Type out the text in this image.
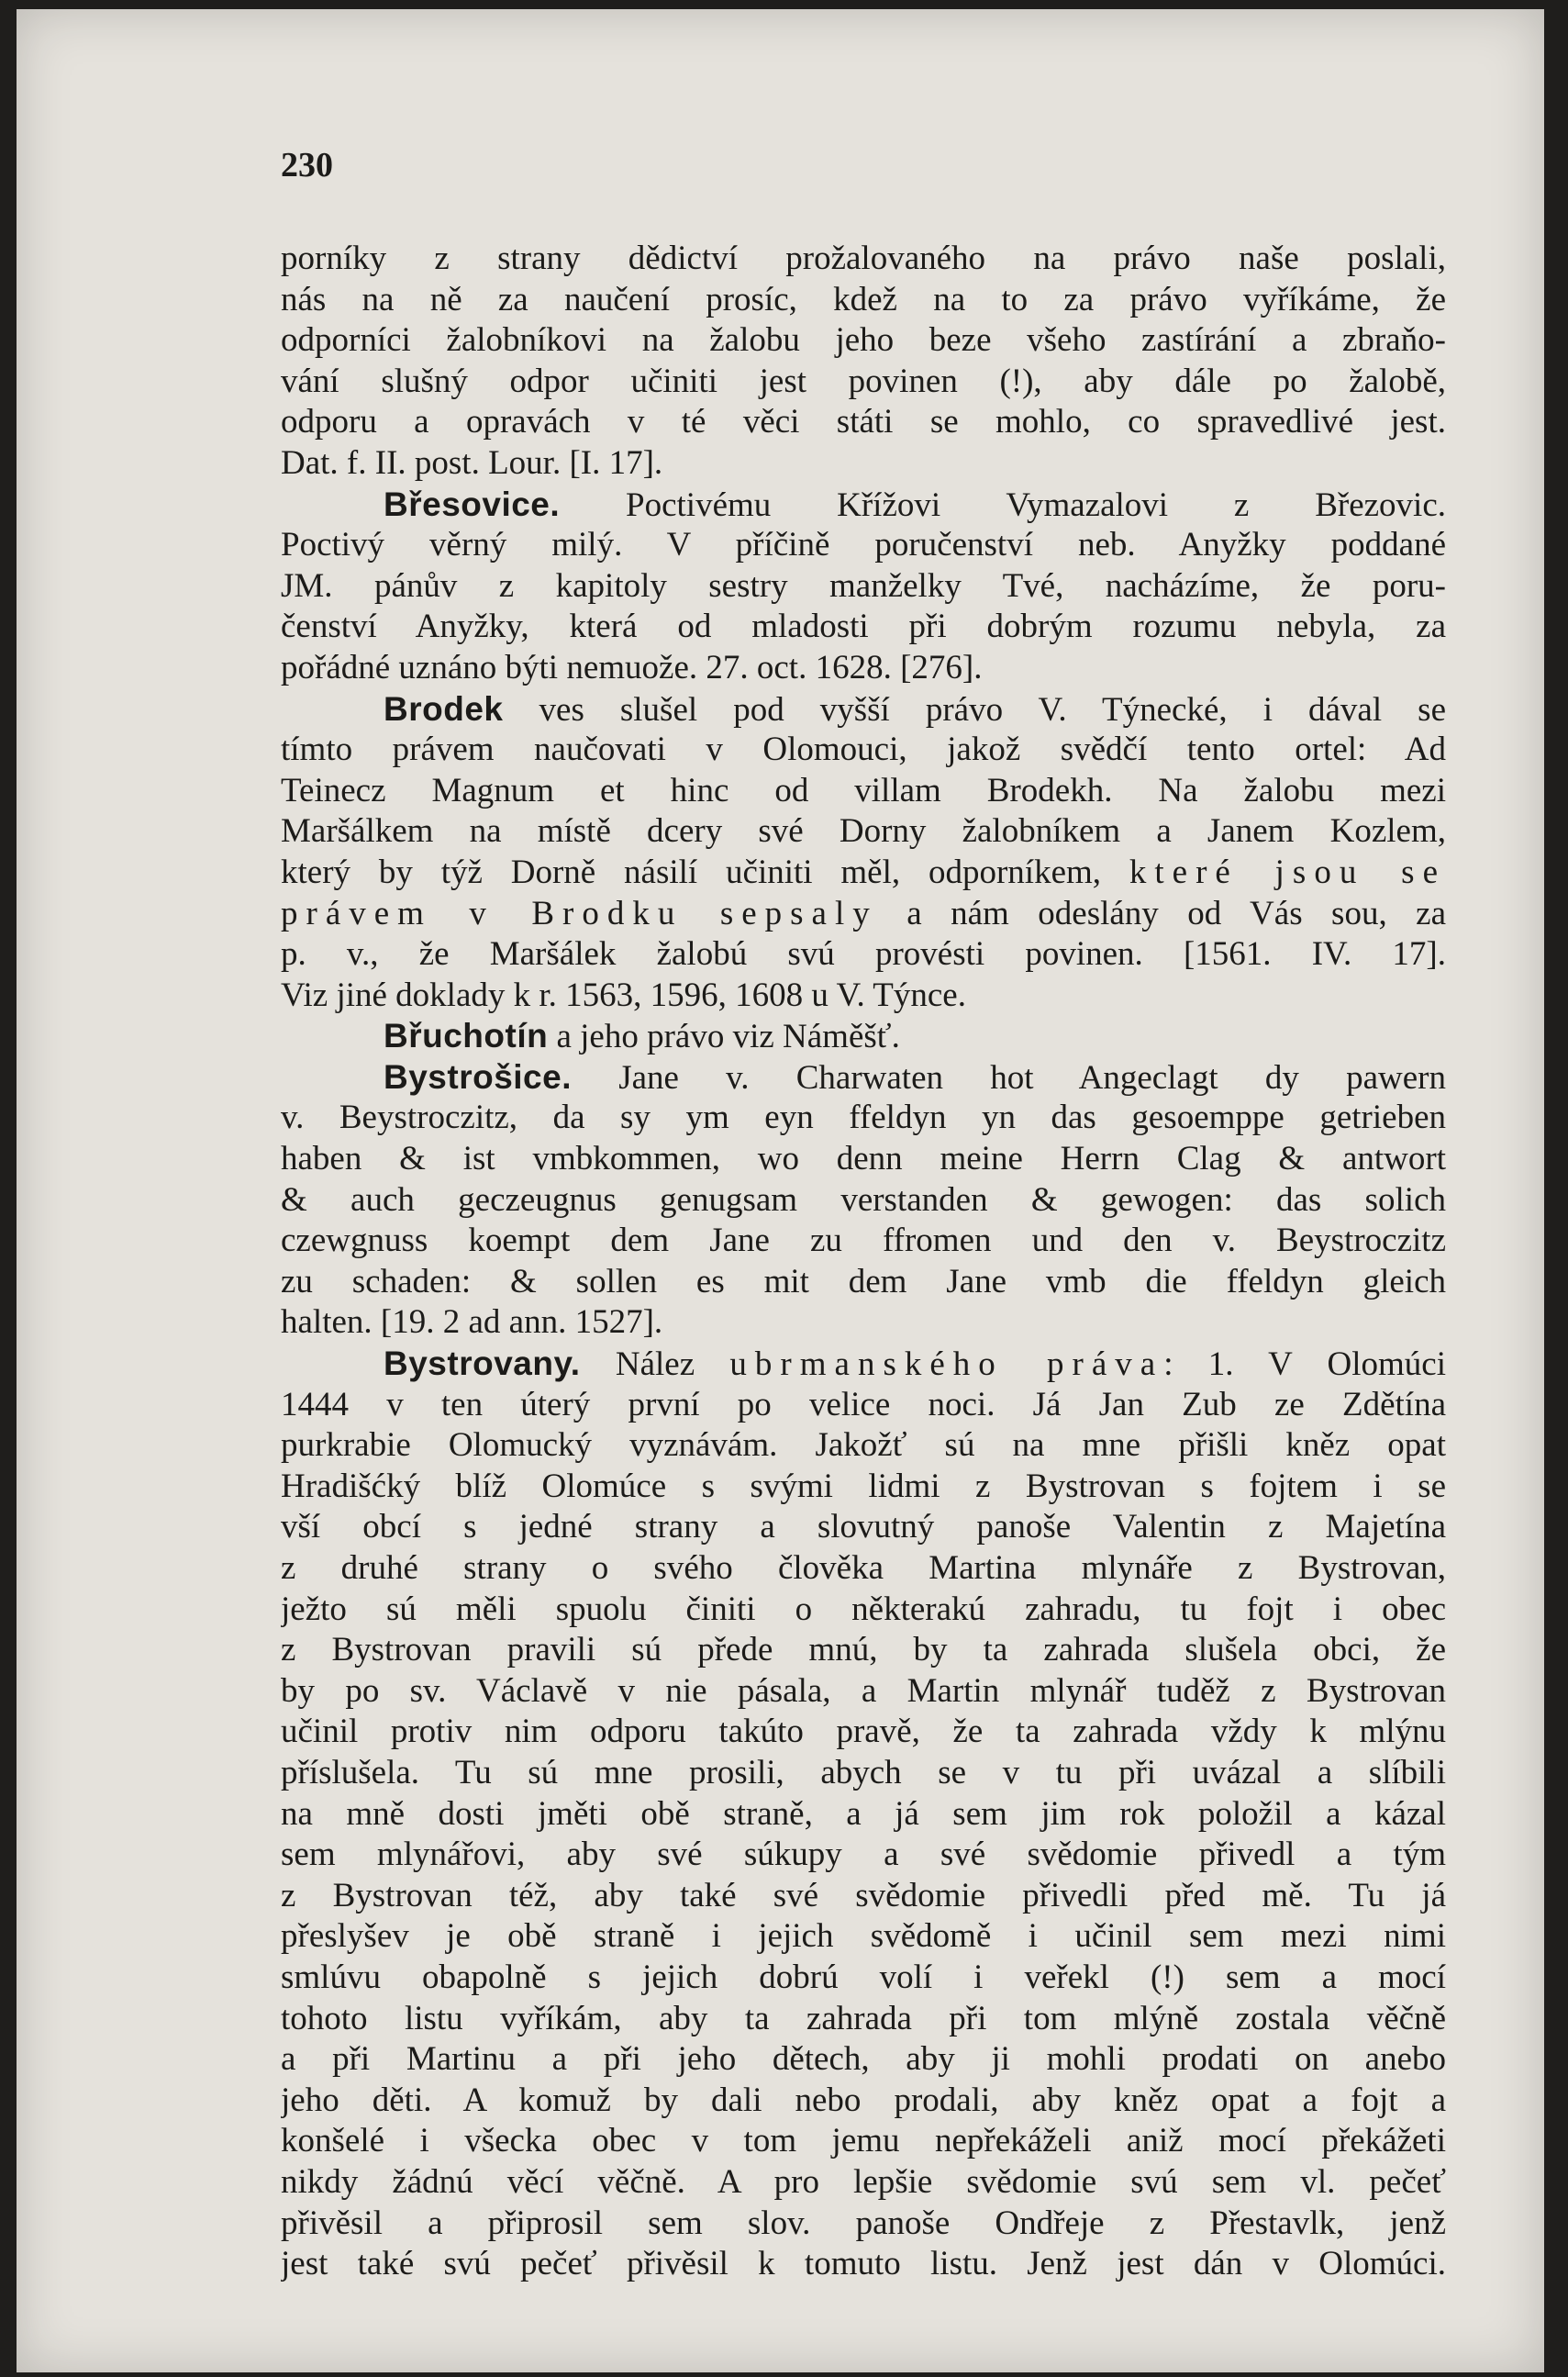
230
porníky z strany dědictví prožalovaného na právo naše poslali,
nás na ně za naučení prosíc, kdež na to za právo vyříkáme, že
odporníci žalobníkovi na žalobu jeho beze všeho zastírání a zbraňo-
vání slušný odpor učiniti jest povinen (!), aby dále po žalobě,
odporu a opravách v té věci státi se mohlo, co spravedlivé jest.
Dat. f. II. post. Lour. [I. 17].
Břesovice. Poctivému Křížovi Vymazalovi z Březovic.
Poctivý věrný milý. V příčině poručenství neb. Anyžky poddané
JM. pánův z kapitoly sestry manželky Tvé, nacházíme, že poru-
čenství Anyžky, která od mladosti při dobrým rozumu nebyla, za
pořádné uznáno býti nemuože. 27. oct. 1628. [276].
Brodek ves slušel pod vyšší právo V. Týnecké, i dával se
tímto právem naučovati v Olomouci, jakož svědčí tento ortel: Ad
Teinecz Magnum et hinc od villam Brodekh. Na žalobu mezi
Maršálkem na místě dcery své Dorny žalobníkem a Janem Kozlem,
který by týž Dorně násilí učiniti měl, odporníkem, které jsou se
právem v Brodku sepsaly a nám odeslány od Vás sou, za
p. v., že Maršálek žalobú svú provésti povinen. [1561. IV. 17].
Viz jiné doklady k r. 1563, 1596, 1608 u V. Týnce.
Břuchotín a jeho právo viz Náměšť.
Bystrošice. Jane v. Charwaten hot Angeclagt dy pawern
v. Beystroczitz, da sy ym eyn ffeldyn yn das gesoemppe getrieben
haben & ist vmbkommen, wo denn meine Herrn Clag & antwort
& auch geczeugnus genugsam verstanden & gewogen: das solich
czewgnuss koempt dem Jane zu ffromen und den v. Beystroczitz
zu schaden: & sollen es mit dem Jane vmb die ffeldyn gleich
halten. [19. 2 ad ann. 1527].
Bystrovany. Nález ubrmanského práva: 1. V Olomúci
1444 v ten úterý první po velice noci. Já Jan Zub ze Zdětína
purkrabie Olomucký vyznávám. Jakožť sú na mne přišli kněz opat
Hradišćký blíž Olomúce s svými lidmi z Bystrovan s fojtem i se
vší obcí s jedné strany a slovutný panoše Valentin z Majetína
z druhé strany o svého člověka Martina mlynáře z Bystrovan,
ježto sú měli spuolu činiti o některakú zahradu, tu fojt i obec
z Bystrovan pravili sú přede mnú, by ta zahrada slušela obci, že
by po sv. Václavě v nie pásala, a Martin mlynář tuděž z Bystrovan
učinil protiv nim odporu takúto pravě, že ta zahrada vždy k mlýnu
příslušela. Tu sú mne prosili, abych se v tu při uvázal a slíbili
na mně dosti jměti obě straně, a já sem jim rok položil a kázal
sem mlynářovi, aby své súkupy a své svědomie přivedl a tým
z Bystrovan též, aby také své svědomie přivedli před mě. Tu já
přeslyšev je obě straně i jejich svědomě i učinil sem mezi nimi
smlúvu obapolně s jejich dobrú volí i veřekl (!) sem a mocí
tohoto listu vyříkám, aby ta zahrada při tom mlýně zostala věčně
a při Martinu a při jeho dětech, aby ji mohli prodati on anebo
jeho děti. A komuž by dali nebo prodali, aby kněz opat a fojt a
konšelé i všecka obec v tom jemu nepřekáželi aniž mocí překážeti
nikdy žádnú věcí věčně. A pro lepšie svědomie svú sem vl. pečeť
přivěsil a připrosil sem slov. panoše Ondřeje z Přestavlk, jenž
jest také svú pečeť přivěsil k tomuto listu. Jenž jest dán v Olomúci.
